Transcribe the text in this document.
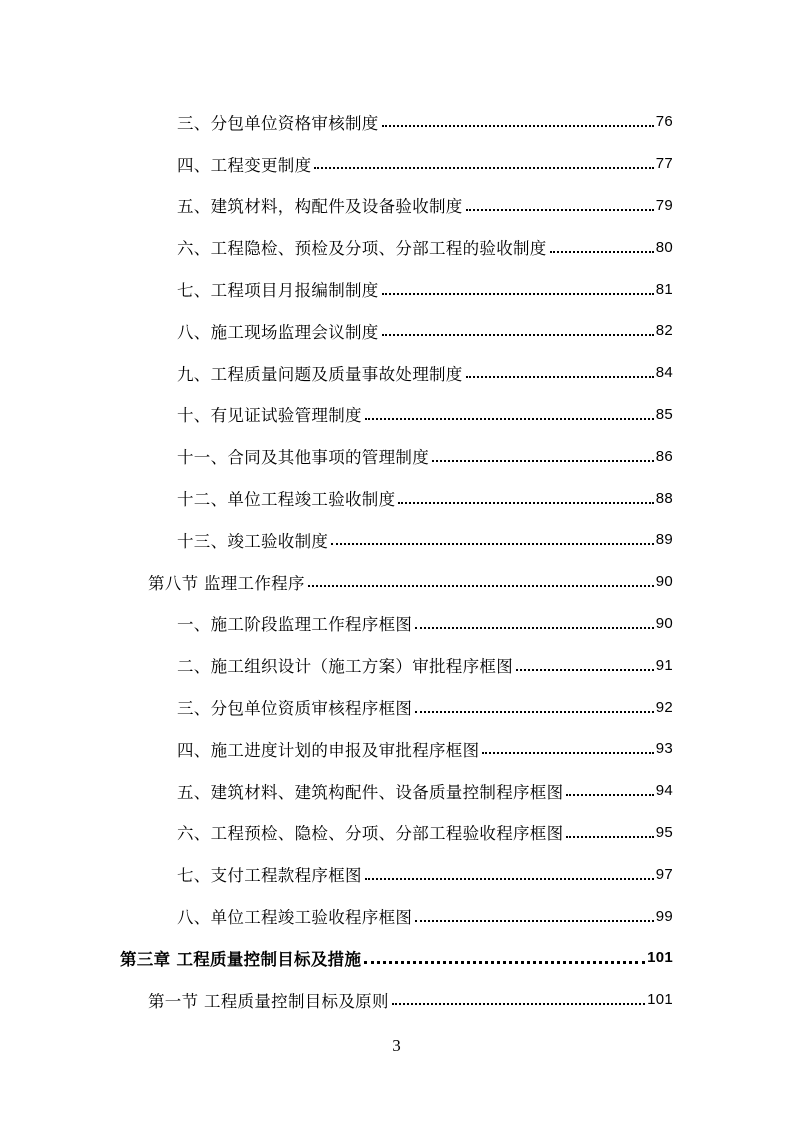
三、分包单位资格审核制度	76
四、工程变更制度	77
五、建筑材料，构配件及设备验收制度	79
六、工程隐检、预检及分项、分部工程的验收制度	80
七、工程项目月报编制制度	81
八、施工现场监理会议制度	82
九、工程质量问题及质量事故处理制度	84
十、有见证试验管理制度	85
十一、合同及其他事项的管理制度	86
十二、单位工程竣工验收制度	88
十三、竣工验收制度	89
第八节 监理工作程序	90
一、施工阶段监理工作程序框图	90
二、施工组织设计（施工方案）审批程序框图	91
三、分包单位资质审核程序框图	92
四、施工进度计划的申报及审批程序框图	93
五、建筑材料、建筑构配件、设备质量控制程序框图	94
六、工程预检、隐检、分项、分部工程验收程序框图	95
七、支付工程款程序框图	97
八、单位工程竣工验收程序框图	99
第三章 工程质量控制目标及措施	101
第一节 工程质量控制目标及原则	101
3
